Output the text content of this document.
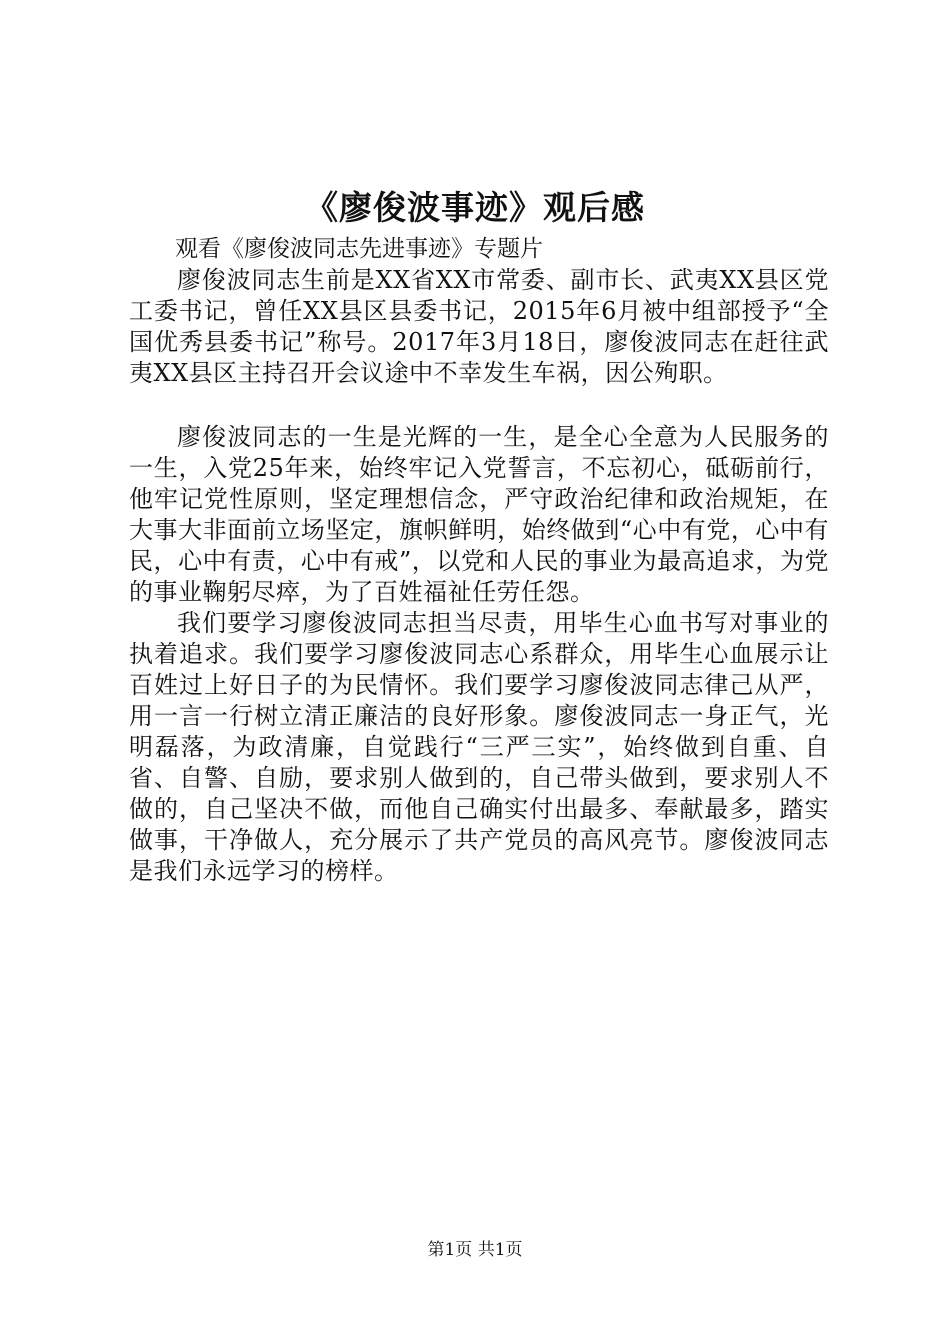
《廖俊波事迹》观后感

观看《廖俊波同志先进事迹》专题片

廖俊波同志生前是XX省XX市常委、副市长、武夷XX县区党工委书记，曾任XX县区县委书记，2015年6月被中组部授予“全国优秀县委书记”称号。2017年3月18日，廖俊波同志在赶往武夷XX县区主持召开会议途中不幸发生车祸，因公殉职。

廖俊波同志的一生是光辉的一生，是全心全意为人民服务的一生，入党25年来，始终牢记入党誓言，不忘初心，砥砺前行，他牢记党性原则，坚定理想信念，严守政治纪律和政治规矩，在大事大非面前立场坚定，旗帜鲜明，始终做到“心中有党，心中有民，心中有责，心中有戒”，以党和人民的事业为最高追求，为党的事业鞠躬尽瘁，为了百姓福祉任劳任怨。

我们要学习廖俊波同志担当尽责，用毕生心血书写对事业的执着追求。我们要学习廖俊波同志心系群众，用毕生心血展示让百姓过上好日子的为民情怀。我们要学习廖俊波同志律己从严，用一言一行树立清正廉洁的良好形象。廖俊波同志一身正气，光明磊落，为政清廉，自觉践行“三严三实”，始终做到自重、自省、自警、自励，要求别人做到的，自己带头做到，要求别人不做的，自己坚决不做，而他自己确实付出最多、奉献最多，踏实做事，干净做人，充分展示了共产党员的高风亮节。廖俊波同志是我们永远学习的榜样。

第1页 共1页
